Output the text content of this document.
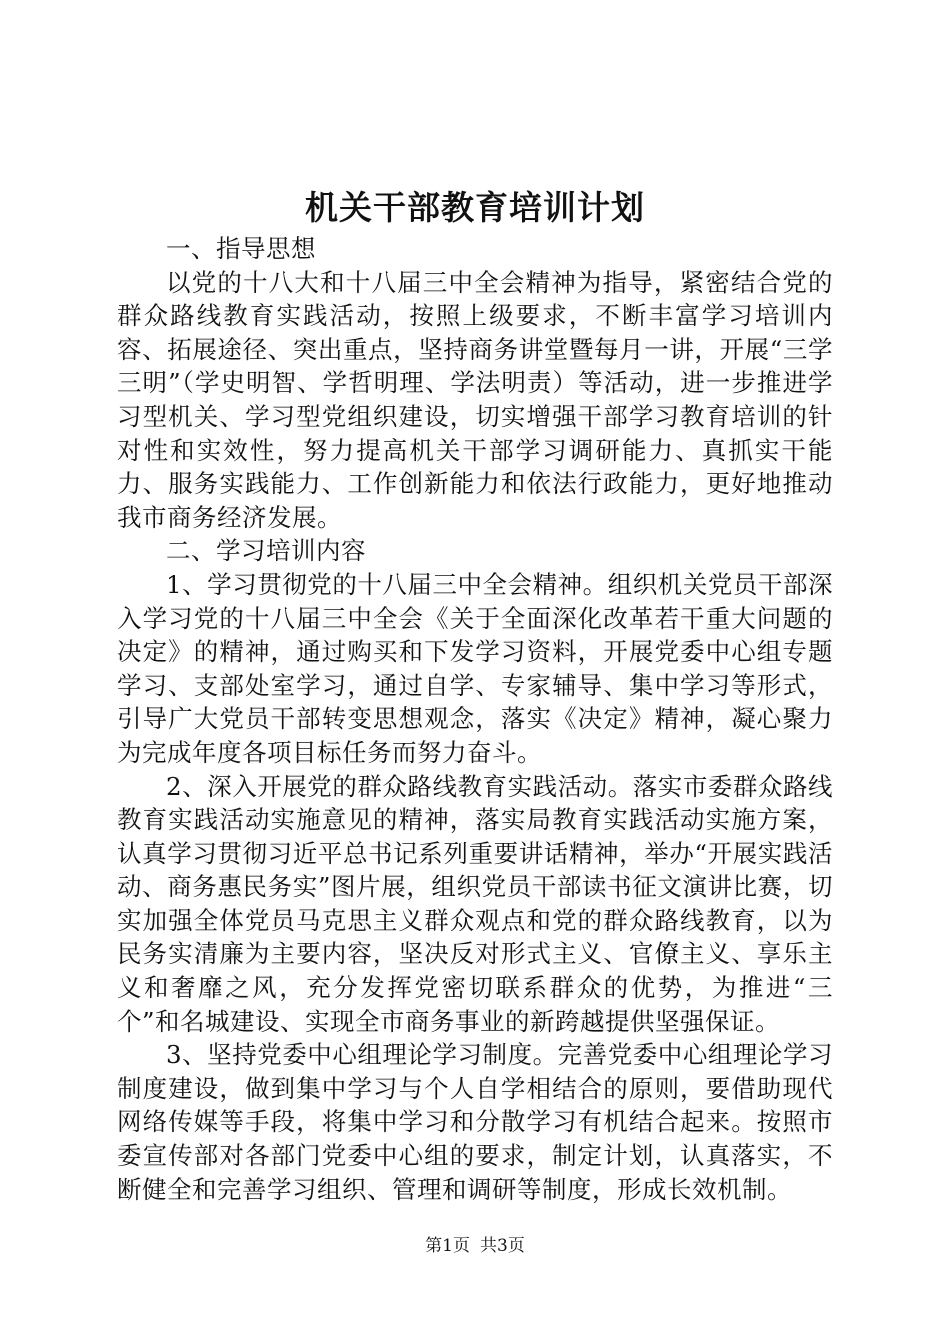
机关干部教育培训计划

一、指导思想

以党的十八大和十八届三中全会精神为指导，紧密结合党的群众路线教育实践活动，按照上级要求，不断丰富学习培训内容、拓展途径、突出重点，坚持商务讲堂暨每月一讲，开展“三学三明”（学史明智、学哲明理、学法明责）等活动，进一步推进学习型机关、学习型党组织建设，切实增强干部学习教育培训的针对性和实效性，努力提高机关干部学习调研能力、真抓实干能力、服务实践能力、工作创新能力和依法行政能力，更好地推动我市商务经济发展。

二、学习培训内容

1、学习贯彻党的十八届三中全会精神。组织机关党员干部深入学习党的十八届三中全会《关于全面深化改革若干重大问题的决定》的精神，通过购买和下发学习资料，开展党委中心组专题学习、支部处室学习，通过自学、专家辅导、集中学习等形式，引导广大党员干部转变思想观念，落实《决定》精神，凝心聚力为完成年度各项目标任务而努力奋斗。

2、深入开展党的群众路线教育实践活动。落实市委群众路线教育实践活动实施意见的精神，落实局教育实践活动实施方案，认真学习贯彻习近平总书记系列重要讲话精神，举办“开展实践活动、商务惠民务实”图片展，组织党员干部读书征文演讲比赛，切实加强全体党员马克思主义群众观点和党的群众路线教育，以为民务实清廉为主要内容，坚决反对形式主义、官僚主义、享乐主义和奢靡之风，充分发挥党密切联系群众的优势，为推进“三个”和名城建设、实现全市商务事业的新跨越提供坚强保证。

3、坚持党委中心组理论学习制度。完善党委中心组理论学习制度建设，做到集中学习与个人自学相结合的原则，要借助现代网络传媒等手段，将集中学习和分散学习有机结合起来。按照市委宣传部对各部门党委中心组的要求，制定计划，认真落实，不断健全和完善学习组织、管理和调研等制度，形成长效机制。

第1页 共3页
